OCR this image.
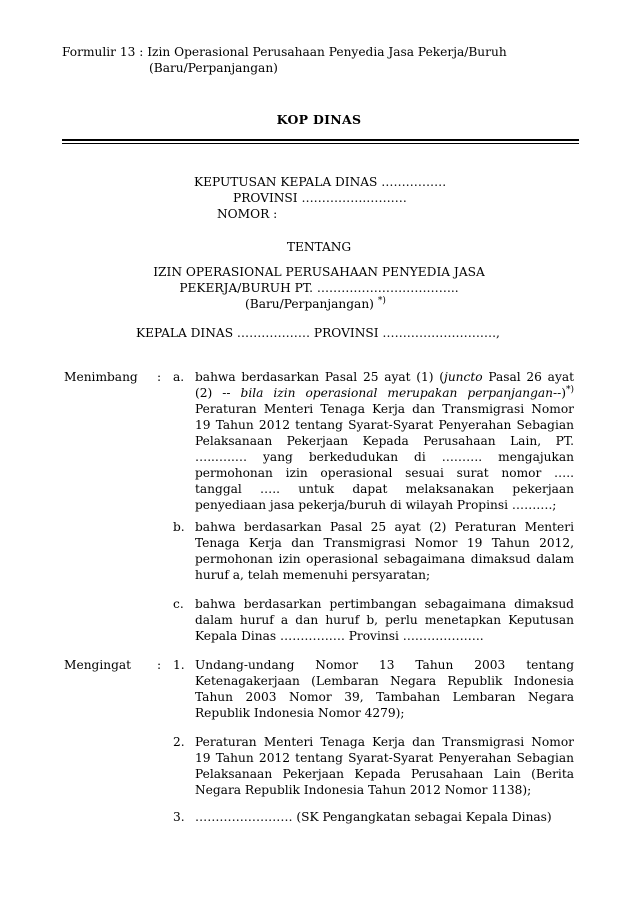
Formulir 13 : Izin Operasional Perusahaan Penyedia Jasa Pekerja/Buruh
(Baru/Perpanjangan)
KOP DINAS
KEPUTUSAN KEPALA DINAS …………….
PROVINSI …………….……….
NOMOR :
TENTANG
IZIN OPERASIONAL PERUSAHAAN PENYEDIA JASA
PEKERJA/BURUH PT. ……………………………..
(Baru/Perpanjangan) *)
KEPALA DINAS ……………… PROVINSI ……………………….,
Menimbang : a. bahwa berdasarkan Pasal 25 ayat (1) (juncto Pasal 26 ayat
(2) -- bila izin operasional merupakan perpanjangan--)*)
Peraturan Menteri Tenaga Kerja dan Transmigrasi Nomor
19 Tahun 2012 tentang Syarat-Syarat Penyerahan Sebagian
Pelaksanaan Pekerjaan Kepada Perusahaan Lain, PT.
…..…..… yang berkedudukan di ………. mengajukan
permohonan izin operasional sesuai surat nomor …..
tanggal ….. untuk dapat melaksanakan pekerjaan
penyediaan jasa pekerja/buruh di wilayah Propinsi ……….;
b. bahwa berdasarkan Pasal 25 ayat (2) Peraturan Menteri
Tenaga Kerja dan Transmigrasi Nomor 19 Tahun 2012,
permohonan izin operasional sebagaimana dimaksud dalam
huruf a, telah memenuhi persyaratan;
c. bahwa berdasarkan pertimbangan sebagaimana dimaksud
dalam huruf a dan huruf b, perlu menetapkan Keputusan
Kepala Dinas ……………. Provinsi ………………..
Mengingat : 1. Undang-undang Nomor 13 Tahun 2003 tentang
Ketenagakerjaan (Lembaran Negara Republik Indonesia
Tahun 2003 Nomor 39, Tambahan Lembaran Negara
Republik Indonesia Nomor 4279);
2. Peraturan Menteri Tenaga Kerja dan Transmigrasi Nomor
19 Tahun 2012 tentang Syarat-Syarat Penyerahan Sebagian
Pelaksanaan Pekerjaan Kepada Perusahaan Lain (Berita
Negara Republik Indonesia Tahun 2012 Nomor 1138);
3. …………………… (SK Pengangkatan sebagai Kepala Dinas)
